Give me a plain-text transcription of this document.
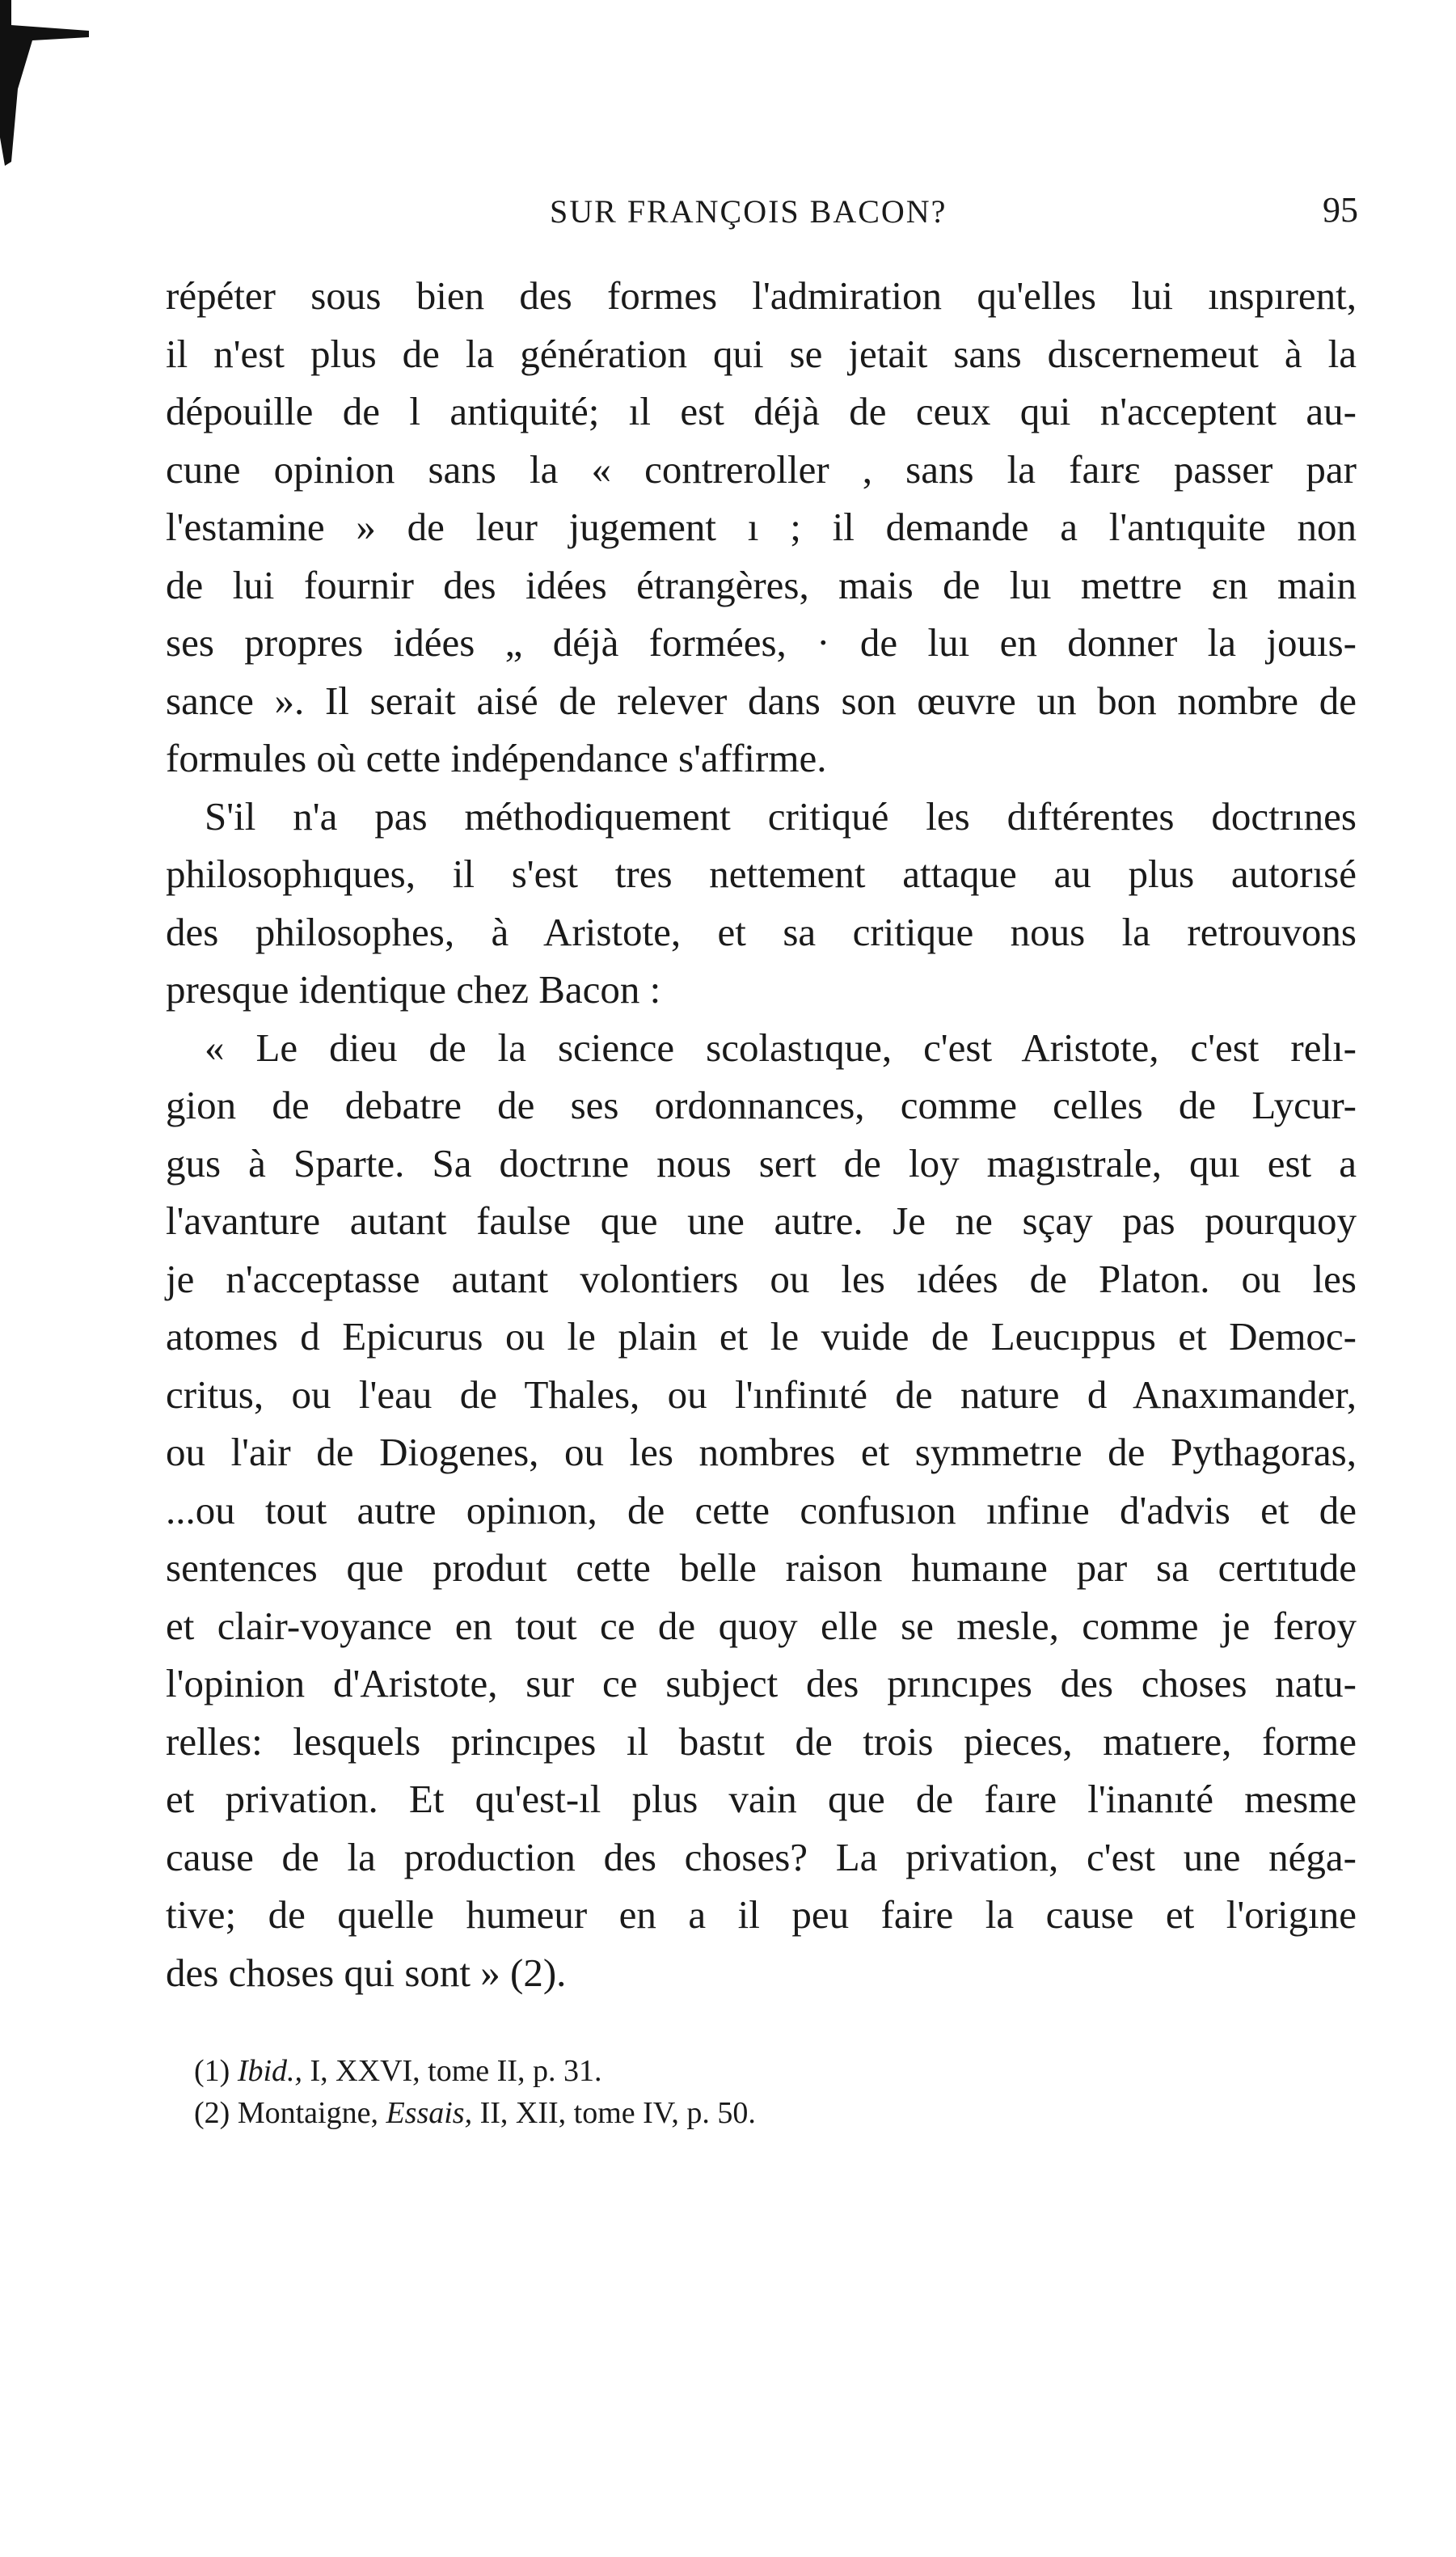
SUR FRANÇOIS BACON?	95
répéter sous bien des formes l'admiration qu'elles lui ınspırent,
il n'est plus de la génération qui se jetait sans dıscernemeut à la
dépouille de l antiquité; ıl est déjà de ceux qui n'acceptent au-
cune opinion sans la « contreroller , sans la faırε passer par
l'estamine » de leur jugement ı ; il demande a l'antıquite non
de lui fournir des idées étrangères, mais de luı mettre εn main
ses propres idées „ déjà formées, · de luı en donner la jouıs-
sance ». Il serait aisé de relever dans son œuvre un bon nombre de
formules où cette indépendance s'affirme.
S'il n'a pas méthodiquement critiqué les dıftérentes doctrınes
philosophıques, il s'est tres nettement attaque au plus autorısé
des philosophes, à Aristote, et sa critique nous la retrouvons
presque identique chez Bacon :
« Le dieu de la science scolastıque, c'est Aristote, c'est relı-
gion de debatre de ses ordonnances, comme celles de Lycur-
gus à Sparte. Sa doctrıne nous sert de loy magıstrale, quı est a
l'avanture autant faulse que une autre. Je ne sçay pas pourquoy
je n'acceptasse autant volontiers ou les ıdées de Platon. ou les
atomes d Epicurus ou le plain et le vuide de Leucıppus et Democ-
critus, ou l'eau de Thales, ou l'ınfinıté de nature d Anaxımander,
ou l'air de Diogenes, ou les nombres et symmetrıe de Pythagoras,
...ou tout autre opinıon, de cette confusıon ınfinıe d'advis et de
sentences que produıt cette belle raison humaıne par sa certıtude
et clair-voyance en tout ce de quoy elle se mesle, comme je feroy
l'opinion d'Aristote, sur ce subject des prıncıpes des choses natu-
relles: lesquels princıpes ıl bastıt de trois pieces, matıere, forme
et privation. Et qu'est-ıl plus vain que de faıre l'inanıté mesme
cause de la production des choses? La privation, c'est une néga-
tive; de quelle humeur en a il peu faire la cause et l'origıne
des choses qui sont » (2).
(1) Ibid., I, XXVI, tome II, p. 31.
(2) Montaigne, Essais, II, XII, tome IV, p. 50.
